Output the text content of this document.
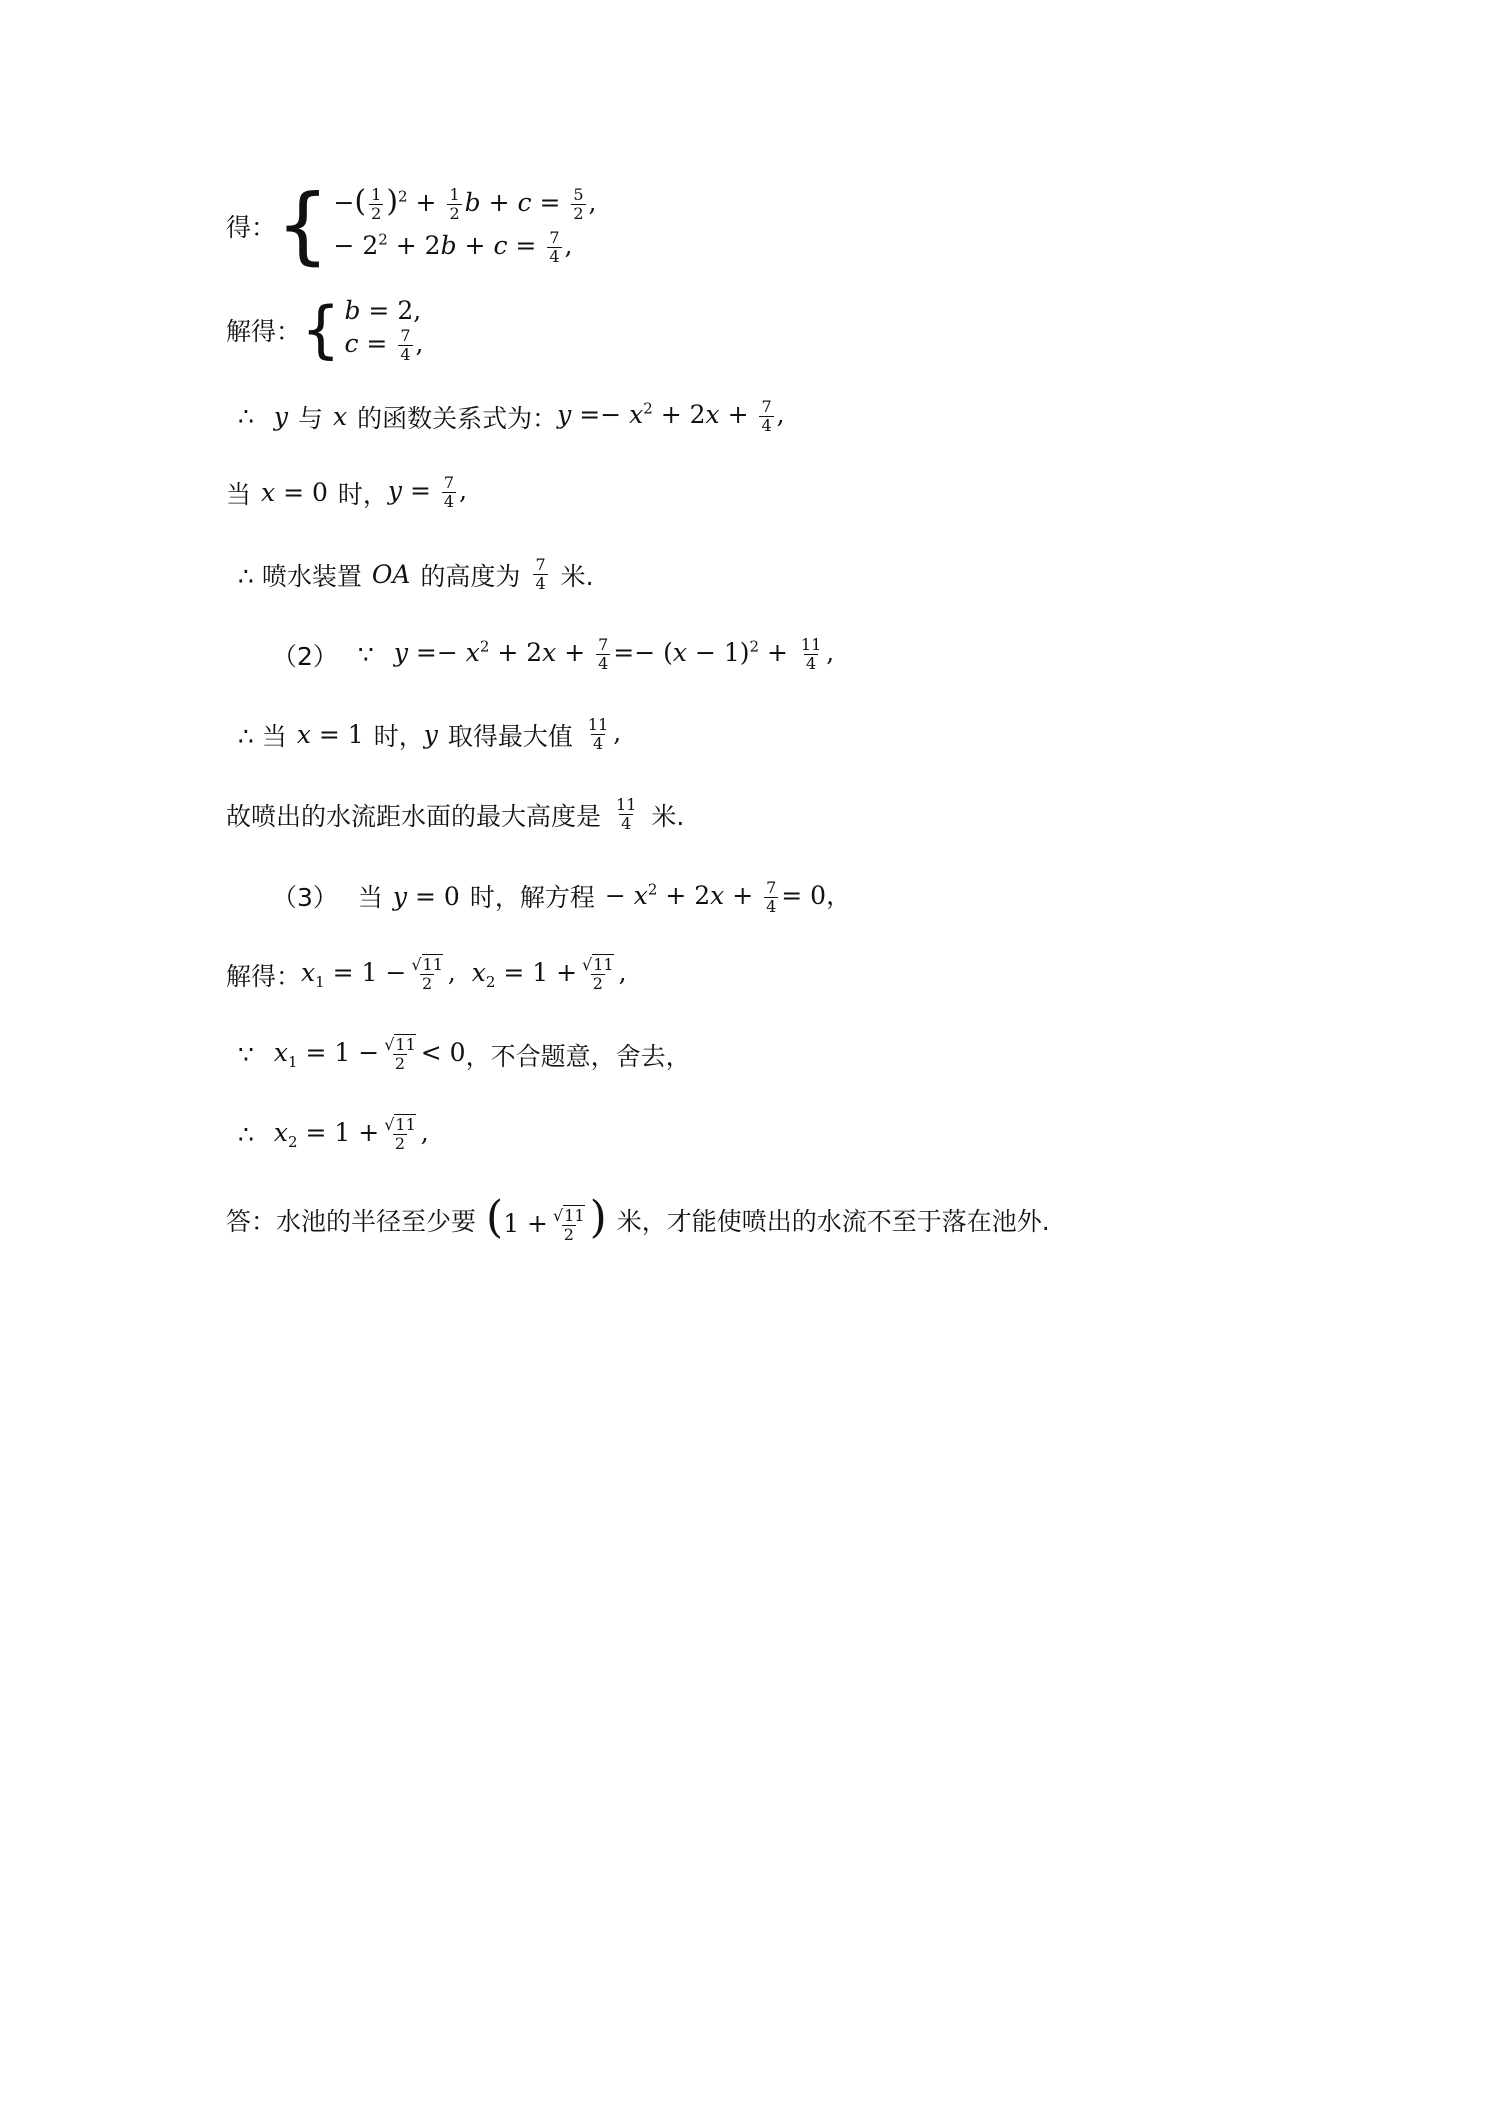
得： { −( $\frac{1}{2} )^2 + \frac{1}{2}$ $b + c = \frac{5}{2}$ ,
− $2^2 + 2b + c = \frac{7}{4}$ ,
解得： { b = 2,
$c = \frac{7}{4}$ ,
∴ y 与 x 的函数关系式为： $y =- x^2 + 2x + \frac{7}{4}$ ,
当 x = 0 时， $y = \frac{7}{4}$ ,
∴ 喷水装置 OA 的高度为 $\frac{7}{4}$ 米.
（2） ∵ $y =- x^2 + 2x + \frac{7}{4} =- (x - 1)^2 + \frac{11}{4}$ ,
∴ 当 x = 1 时， y 取得最大值 $\frac{11}{4}$ ,
故喷出的水流距水面的最大高度是 $\frac{11}{4}$ 米.
（3） 当 y = 0 时，解方程 − $x^2 + 2x + \frac{7}{4} = 0$，
解得： $x_1 = 1 - \frac{√11}{2}$ ,  $x_2 = 1 + \frac{√11}{2}$ ,
∵ $x_1 = 1 - \frac{√11}{2} < 0$ ，不合题意，舍去，
∴ $x_2 = 1 + \frac{√11}{2}$ ,
答：水池的半径至少要 ($1 + \frac{√11}{2}$ ) 米，才能使喷出的水流不至于落在池外.
